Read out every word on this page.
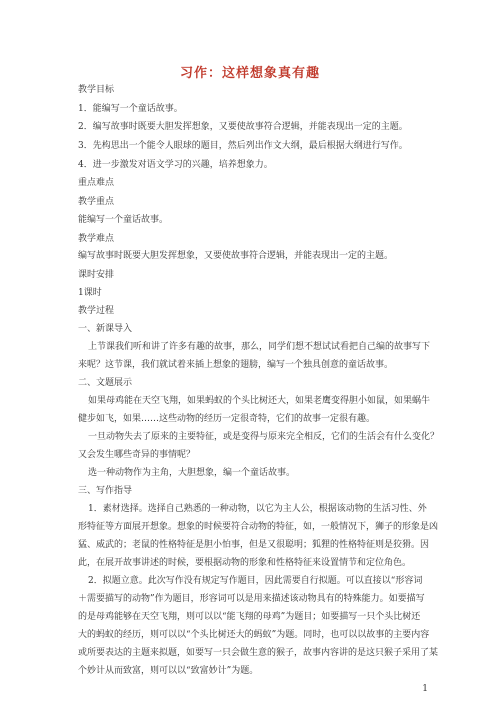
习作：这样想象真有趣
教学目标
1．能编写一个童话故事。
2．编写故事时既要大胆发挥想象，又要使故事符合逻辑，并能表现出一定的主题。
3．先构思出一个能令人眼球的题目，然后列出作文大纲，最后根据大纲进行写作。
4．进一步激发对语文学习的兴趣，培养想象力。
重点难点
教学重点
能编写一个童话故事。
教学难点
编写故事时既要大胆发挥想象，又要使故事符合逻辑，并能表现出一定的主题。
课时安排
1课时
教学过程
一、新课导入
上节课我们听和讲了许多有趣的故事，那么，同学们想不想试试看把自己编的故事写下
来呢？这节课，我们就试着来插上想象的翅膀，编写一个独具创意的童话故事。
二、文题展示
如果母鸡能在天空飞翔，如果蚂蚁的个头比树还大，如果老鹰变得胆小如鼠，如果蜗牛
健步如飞，如果……这些动物的经历一定很奇特，它们的故事一定很有趣。
一旦动物失去了原来的主要特征，或是变得与原来完全相反，它们的生活会有什么变化？
又会发生哪些奇异的事情呢？
选一种动物作为主角，大胆想象，编一个童话故事。
三、写作指导
1．素材选择。选择自己熟悉的一种动物，以它为主人公，根据该动物的生活习性、外
形特征等方面展开想象。想象的时候要符合动物的特征，如，一般情况下，狮子的形象是凶
猛、威武的；老鼠的性格特征是胆小怕事，但是又很聪明；狐狸的性格特征则是狡猾。因
此，在展开故事讲述的时候，要根据动物的形象和性格特征来设置情节和定位角色。
2．拟题立意。此次写作没有规定写作题目，因此需要自行拟题。可以直接以“形容词
＋需要描写的动物”作为题目，形容词可以是用来描述该动物具有的特殊能力。如要描写
的是母鸡能够在天空飞翔，则可以以“能飞翔的母鸡”为题目；如要描写一只个头比树还
大的蚂蚁的经历，则可以以“个头比树还大的蚂蚁”为题。同时，也可以以故事的主要内容
或所要表达的主题来拟题，如要写一只会做生意的猴子，故事内容讲的是这只猴子采用了某
个妙计从而致富，则可以以“致富妙计”为题。
1
